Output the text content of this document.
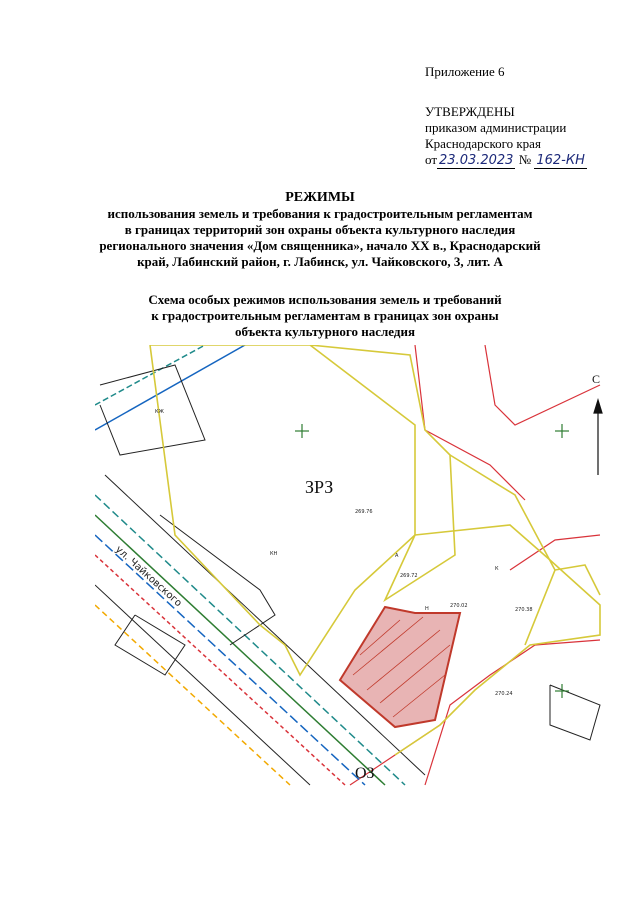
Приложение 6
УТВЕРЖДЕНЫ
приказом администрации
Краснодарского края
от 23.03.2023 № 162-КН
РЕЖИМЫ
использования земель и требования к градостроительным регламентам
в границах территорий зон охраны объекта культурного наследия
регионального значения «Дом священника», начало XX в., Краснодарский
край, Лабинский район, г. Лабинск, ул. Чайковского, 3, лит. А
Схема особых режимов использования земель и требований
к градостроительным регламентам в границах зон охраны
объекта культурного наследия
КЖ
КН
К
Н
А
270.02
269.72
270.38
269.76
270.24
ул. Чайковского
ЗРЗ
ОЗ
С
